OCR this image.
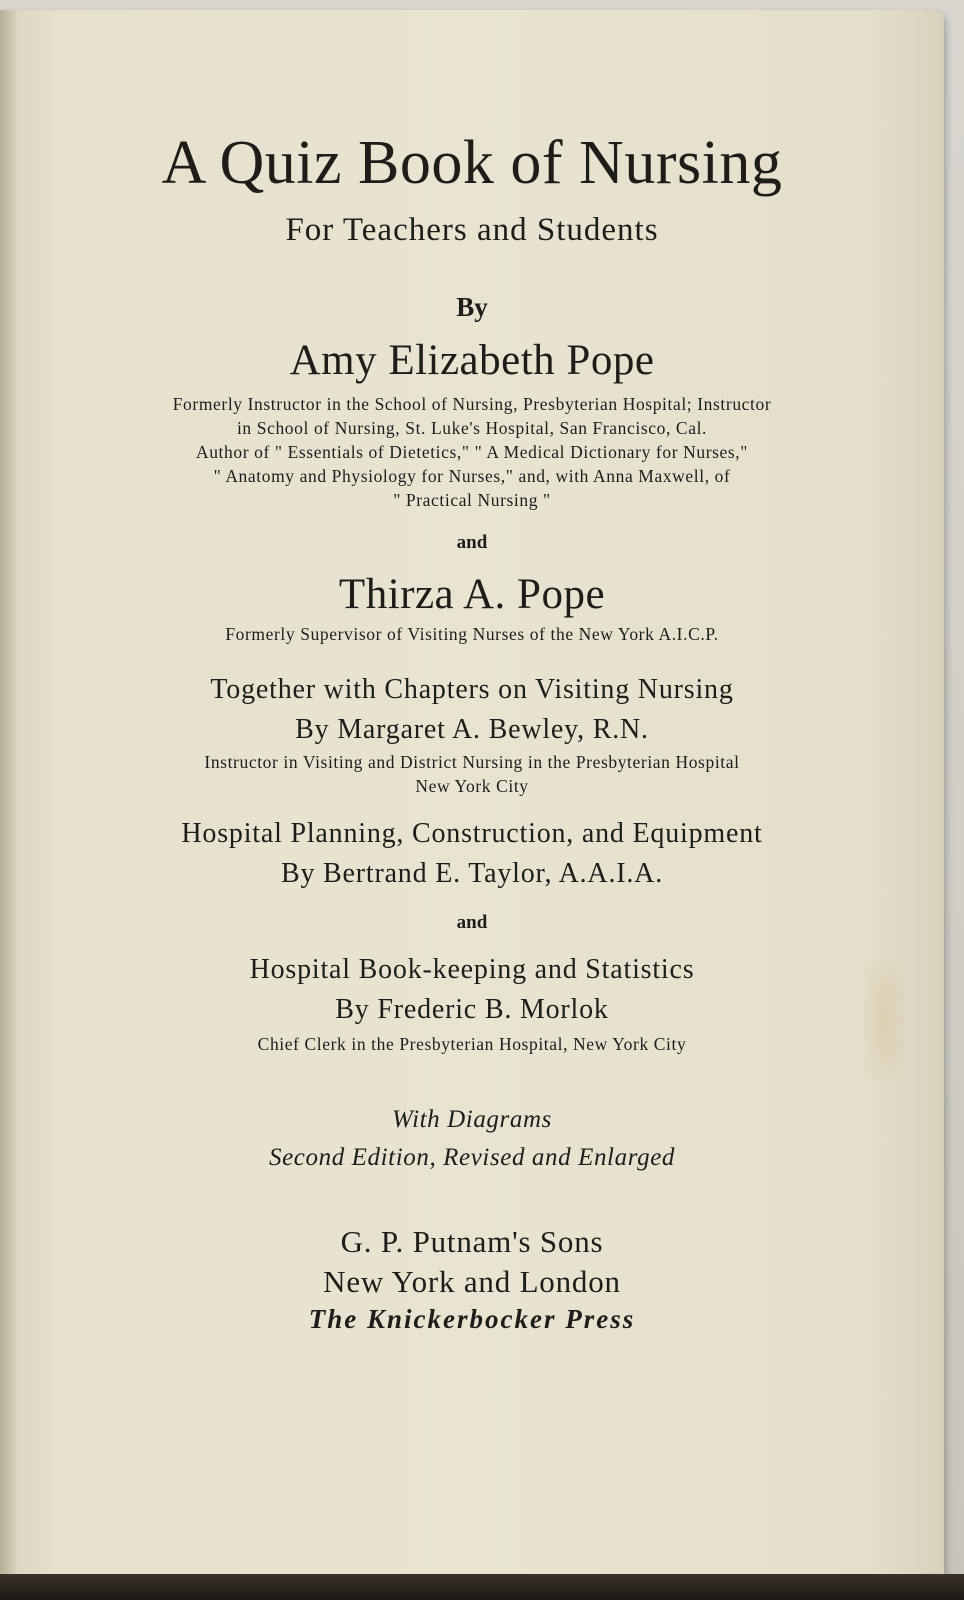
A Quiz Book of Nursing
For Teachers and Students
By
Amy Elizabeth Pope
Formerly Instructor in the School of Nursing, Presbyterian Hospital; Instructor
in School of Nursing, St. Luke's Hospital, San Francisco, Cal.
Author of " Essentials of Dietetics," " A Medical Dictionary for Nurses,"
" Anatomy and Physiology for Nurses," and, with Anna Maxwell, of
" Practical Nursing "
and
Thirza A. Pope
Formerly Supervisor of Visiting Nurses of the New York A.I.C.P.
Together with Chapters on Visiting Nursing
By Margaret A. Bewley, R.N.
Instructor in Visiting and District Nursing in the Presbyterian Hospital
New York City
Hospital Planning, Construction, and Equipment
By Bertrand E. Taylor, A.A.I.A.
and
Hospital Book-keeping and Statistics
By Frederic B. Morlok
Chief Clerk in the Presbyterian Hospital, New York City
With Diagrams
Second Edition, Revised and Enlarged
G. P. Putnam's Sons
New York and London
The Knickerbocker Press
